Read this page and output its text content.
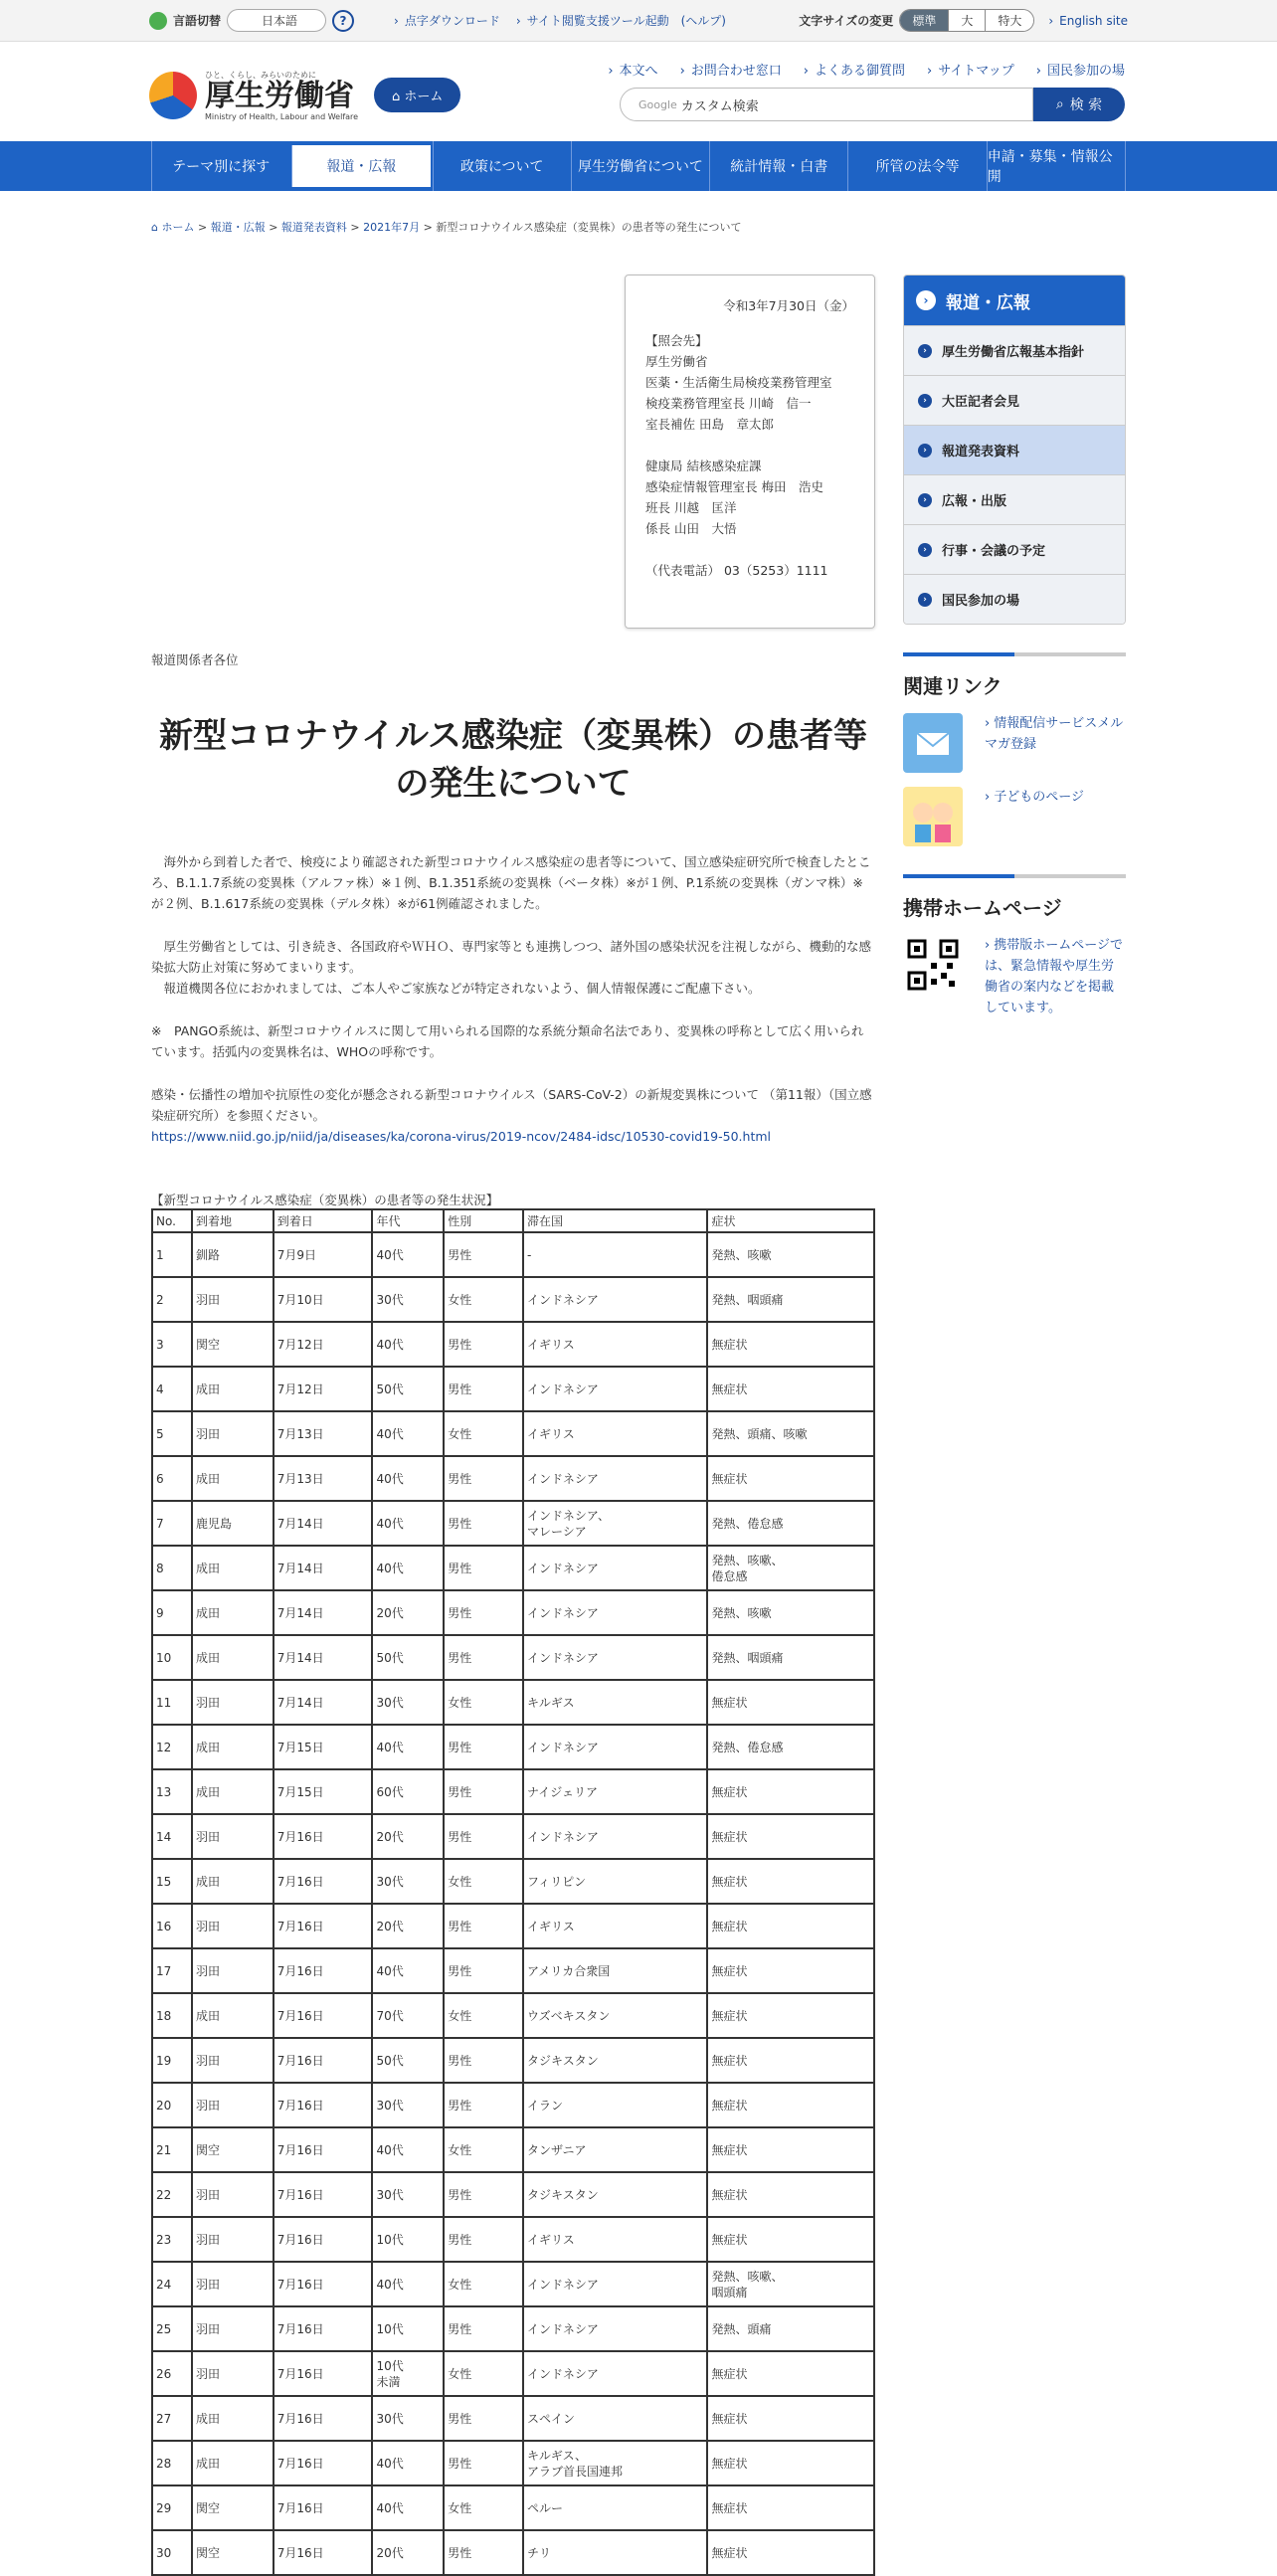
言語切替	日本語	?	› 点字ダウンロード	› サイト閲覧支援ツール起動　(ヘルプ)	文字サイズの変更	標準	大	特大	› English site
ひと、くらし、みらいのために
厚生労働省
Ministry of Health, Labour and Welfare
⌂ ホーム
› 本文へ	› お問合わせ窓口	› よくある御質問	› サイトマップ	› 国民参加の場
Google カスタム検索	⌕ 検 索
テーマ別に探す	報道・広報	政策について	厚生労働省について	統計情報・白書	所管の法令等
申請・募集・情報公開
⌂ ホーム > 報道・広報 > 報道発表資料 > 2021年7月 > 新型コロナウイルス感染症（変異株）の患者等の発生について
令和3年7月30日（金）
【照会先】
厚生労働省
医薬・生活衛生局検疫業務管理室
検疫業務管理室長 川崎　信一
室長補佐 田島　章太郎
健康局 結核感染症課
感染症情報管理室長 梅田　浩史
班長 川越　匡洋
係長 山田　大悟
（代表電話） 03（5253）1111
報道関係者各位
新型コロナウイルス感染症（変異株）の患者等の発生について

　海外から到着した者で、検疫により確認された新型コロナウイルス感染症の患者等について、国立感染症研究所で検査したところ、B.1.1.7系統の変異株（アルファ株）※１例、B.1.351系統の変異株（ベータ株）※が１例、P.1系統の変異株（ガンマ株）※が２例、B.1.617系統の変異株（デルタ株）※が61例確認されました。

　厚生労働省としては、引き続き、各国政府やＷＨＯ、専門家等とも連携しつつ、諸外国の感染状況を注視しながら、機動的な感染拡大防止対策に努めてまいります。

　報道機関各位におかれましては、ご本人やご家族などが特定されないよう、個人情報保護にご配慮下さい。

※　PANGO系統は、新型コロナウイルスに関して用いられる国際的な系統分類命名法であり、変異株の呼称として広く用いられています。括弧内の変異株名は、WHOの呼称です。

感染・伝播性の増加や抗原性の変化が懸念される新型コロナウイルス（SARS-CoV-2）の新規変異株について （第11報）（国立感染症研究所）を参照ください。

https://www.niid.go.jp/niid/ja/diseases/ka/corona-virus/2019-ncov/2484-idsc/10530-covid19-50.html

【新型コロナウイルス感染症（変異株）の患者等の発生状況】
No.	到着地	到着日	年代	性別	滞在国	症状
1	釧路	7月9日	40代	男性	-	発熱、咳嗽
2	羽田	7月10日	30代	女性	インドネシア	発熱、咽頭痛
3	関空	7月12日	40代	男性	イギリス	無症状
4	成田	7月12日	50代	男性	インドネシア	無症状
5	羽田	7月13日	40代	女性	イギリス	発熱、頭痛、咳嗽
6	成田	7月13日	40代	男性	インドネシア	無症状
7	鹿児島	7月14日	40代	男性	インドネシア、
マレーシア	発熱、倦怠感
8	成田	7月14日	40代	男性	インドネシア	発熱、咳嗽、
倦怠感
9	成田	7月14日	20代	男性	インドネシア	発熱、咳嗽
10	成田	7月14日	50代	男性	インドネシア	発熱、咽頭痛
11	羽田	7月14日	30代	女性	キルギス	無症状
12	成田	7月15日	40代	男性	インドネシア	発熱、倦怠感
13	成田	7月15日	60代	男性	ナイジェリア	無症状
14	羽田	7月16日	20代	男性	インドネシア	無症状
15	成田	7月16日	30代	女性	フィリピン	無症状
16	羽田	7月16日	20代	男性	イギリス	無症状
17	羽田	7月16日	40代	男性	アメリカ合衆国	無症状
18	成田	7月16日	70代	女性	ウズベキスタン	無症状
19	羽田	7月16日	50代	男性	タジキスタン	無症状
20	羽田	7月16日	30代	男性	イラン	無症状
21	関空	7月16日	40代	女性	タンザニア	無症状
22	羽田	7月16日	30代	男性	タジキスタン	無症状
23	羽田	7月16日	10代	男性	イギリス	無症状
24	羽田	7月16日	40代	女性	インドネシア	発熱、咳嗽、
咽頭痛
25	羽田	7月16日	10代	男性	インドネシア	発熱、頭痛
26	羽田	7月16日	10代
未満	女性	インドネシア	無症状
27	成田	7月16日	30代	男性	スペイン	無症状
28	成田	7月16日	40代	男性	キルギス、
アラブ首長国連邦	無症状
29	関空	7月16日	40代	女性	ペルー	無症状
30	関空	7月16日	20代	男性	チリ	無症状
›	報道・広報
›	厚生労働省広報基本指針
›	大臣記者会見
›	報道発表資料
›	広報・出版
›	行事・会議の予定
›	国民参加の場
関連リンク
› 情報配信サービスメルマガ登録
› 子どものページ
携帯ホームページ
› 携帯版ホームページでは、緊急情報や厚生労働省の案内などを掲載しています。
